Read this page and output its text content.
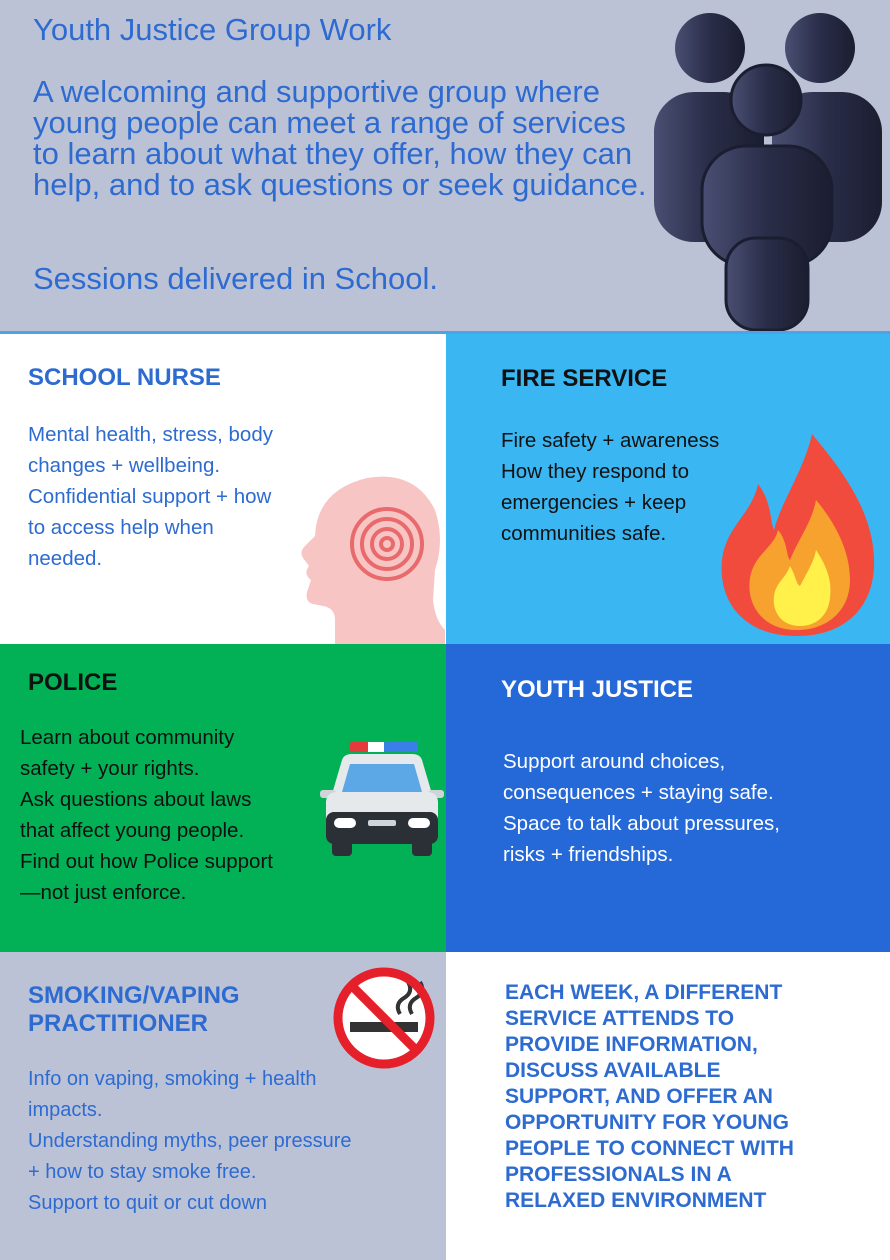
Youth Justice Group Work
A welcoming and supportive group where young people can meet a range of services to learn about what they offer, how they can help, and to ask questions or seek guidance.
Sessions delivered in School.
SCHOOL NURSE
Mental health, stress, body
changes + wellbeing.
Confidential support + how
to access help when
needed.
FIRE SERVICE
Fire safety + awareness
How they respond to
emergencies + keep
communities safe.
POLICE
Learn about community
safety + your rights.
Ask questions about laws
that affect young people.
Find out how Police support
—not just enforce.
YOUTH JUSTICE
Support around choices,
consequences + staying safe.
Space to talk about pressures,
risks + friendships.
SMOKING/VAPING
PRACTITIONER
Info on vaping, smoking + health
impacts.
Understanding myths, peer pressure
+ how to stay smoke free.
Support to quit or cut down
EACH WEEK, A DIFFERENT
SERVICE ATTENDS TO
PROVIDE INFORMATION,
DISCUSS AVAILABLE
SUPPORT, AND OFFER AN
OPPORTUNITY FOR YOUNG
PEOPLE TO CONNECT WITH
PROFESSIONALS IN A
RELAXED ENVIRONMENT
